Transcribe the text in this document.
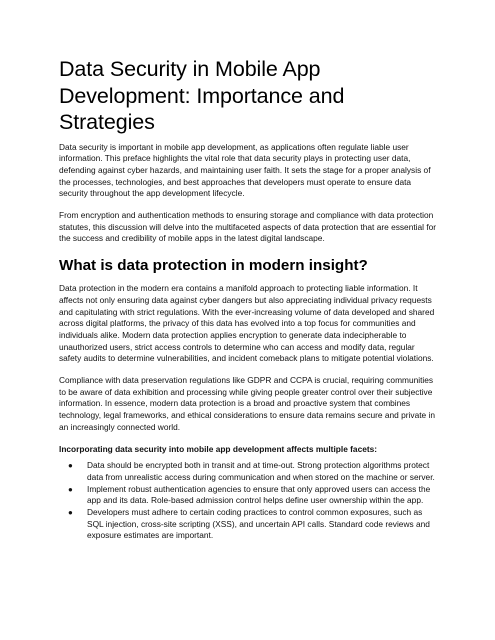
Data Security in Mobile App Development: Importance and Strategies

Data security is important in mobile app development, as applications often regulate liable user information. This preface highlights the vital role that data security plays in protecting user data, defending against cyber hazards, and maintaining user faith. It sets the stage for a proper analysis of the processes, technologies, and best approaches that developers must operate to ensure data security throughout the app development lifecycle.

From encryption and authentication methods to ensuring storage and compliance with data protection statutes, this discussion will delve into the multifaceted aspects of data protection that are essential for the success and credibility of mobile apps in the latest digital landscape.

What is data protection in modern insight?

Data protection in the modern era contains a manifold approach to protecting liable information. It affects not only ensuring data against cyber dangers but also appreciating individual privacy requests and capitulating with strict regulations. With the ever-increasing volume of data developed and shared across digital platforms, the privacy of this data has evolved into a top focus for communities and individuals alike. Modern data protection applies encryption to generate data indecipherable to unauthorized users, strict access controls to determine who can access and modify data, regular safety audits to determine vulnerabilities, and incident comeback plans to mitigate potential violations.

Compliance with data preservation regulations like GDPR and CCPA is crucial, requiring communities to be aware of data exhibition and processing while giving people greater control over their subjective information. In essence, modern data protection is a broad and proactive system that combines technology, legal frameworks, and ethical considerations to ensure data remains secure and private in an increasingly connected world.

Incorporating data security into mobile app development affects multiple facets:

● Data should be encrypted both in transit and at time-out. Strong protection algorithms protect data from unrealistic access during communication and when stored on the machine or server.
● Implement robust authentication agencies to ensure that only approved users can access the app and its data. Role-based admission control helps define user ownership within the app.
● Developers must adhere to certain coding practices to control common exposures, such as SQL injection, cross-site scripting (XSS), and uncertain API calls. Standard code reviews and exposure estimates are important.
